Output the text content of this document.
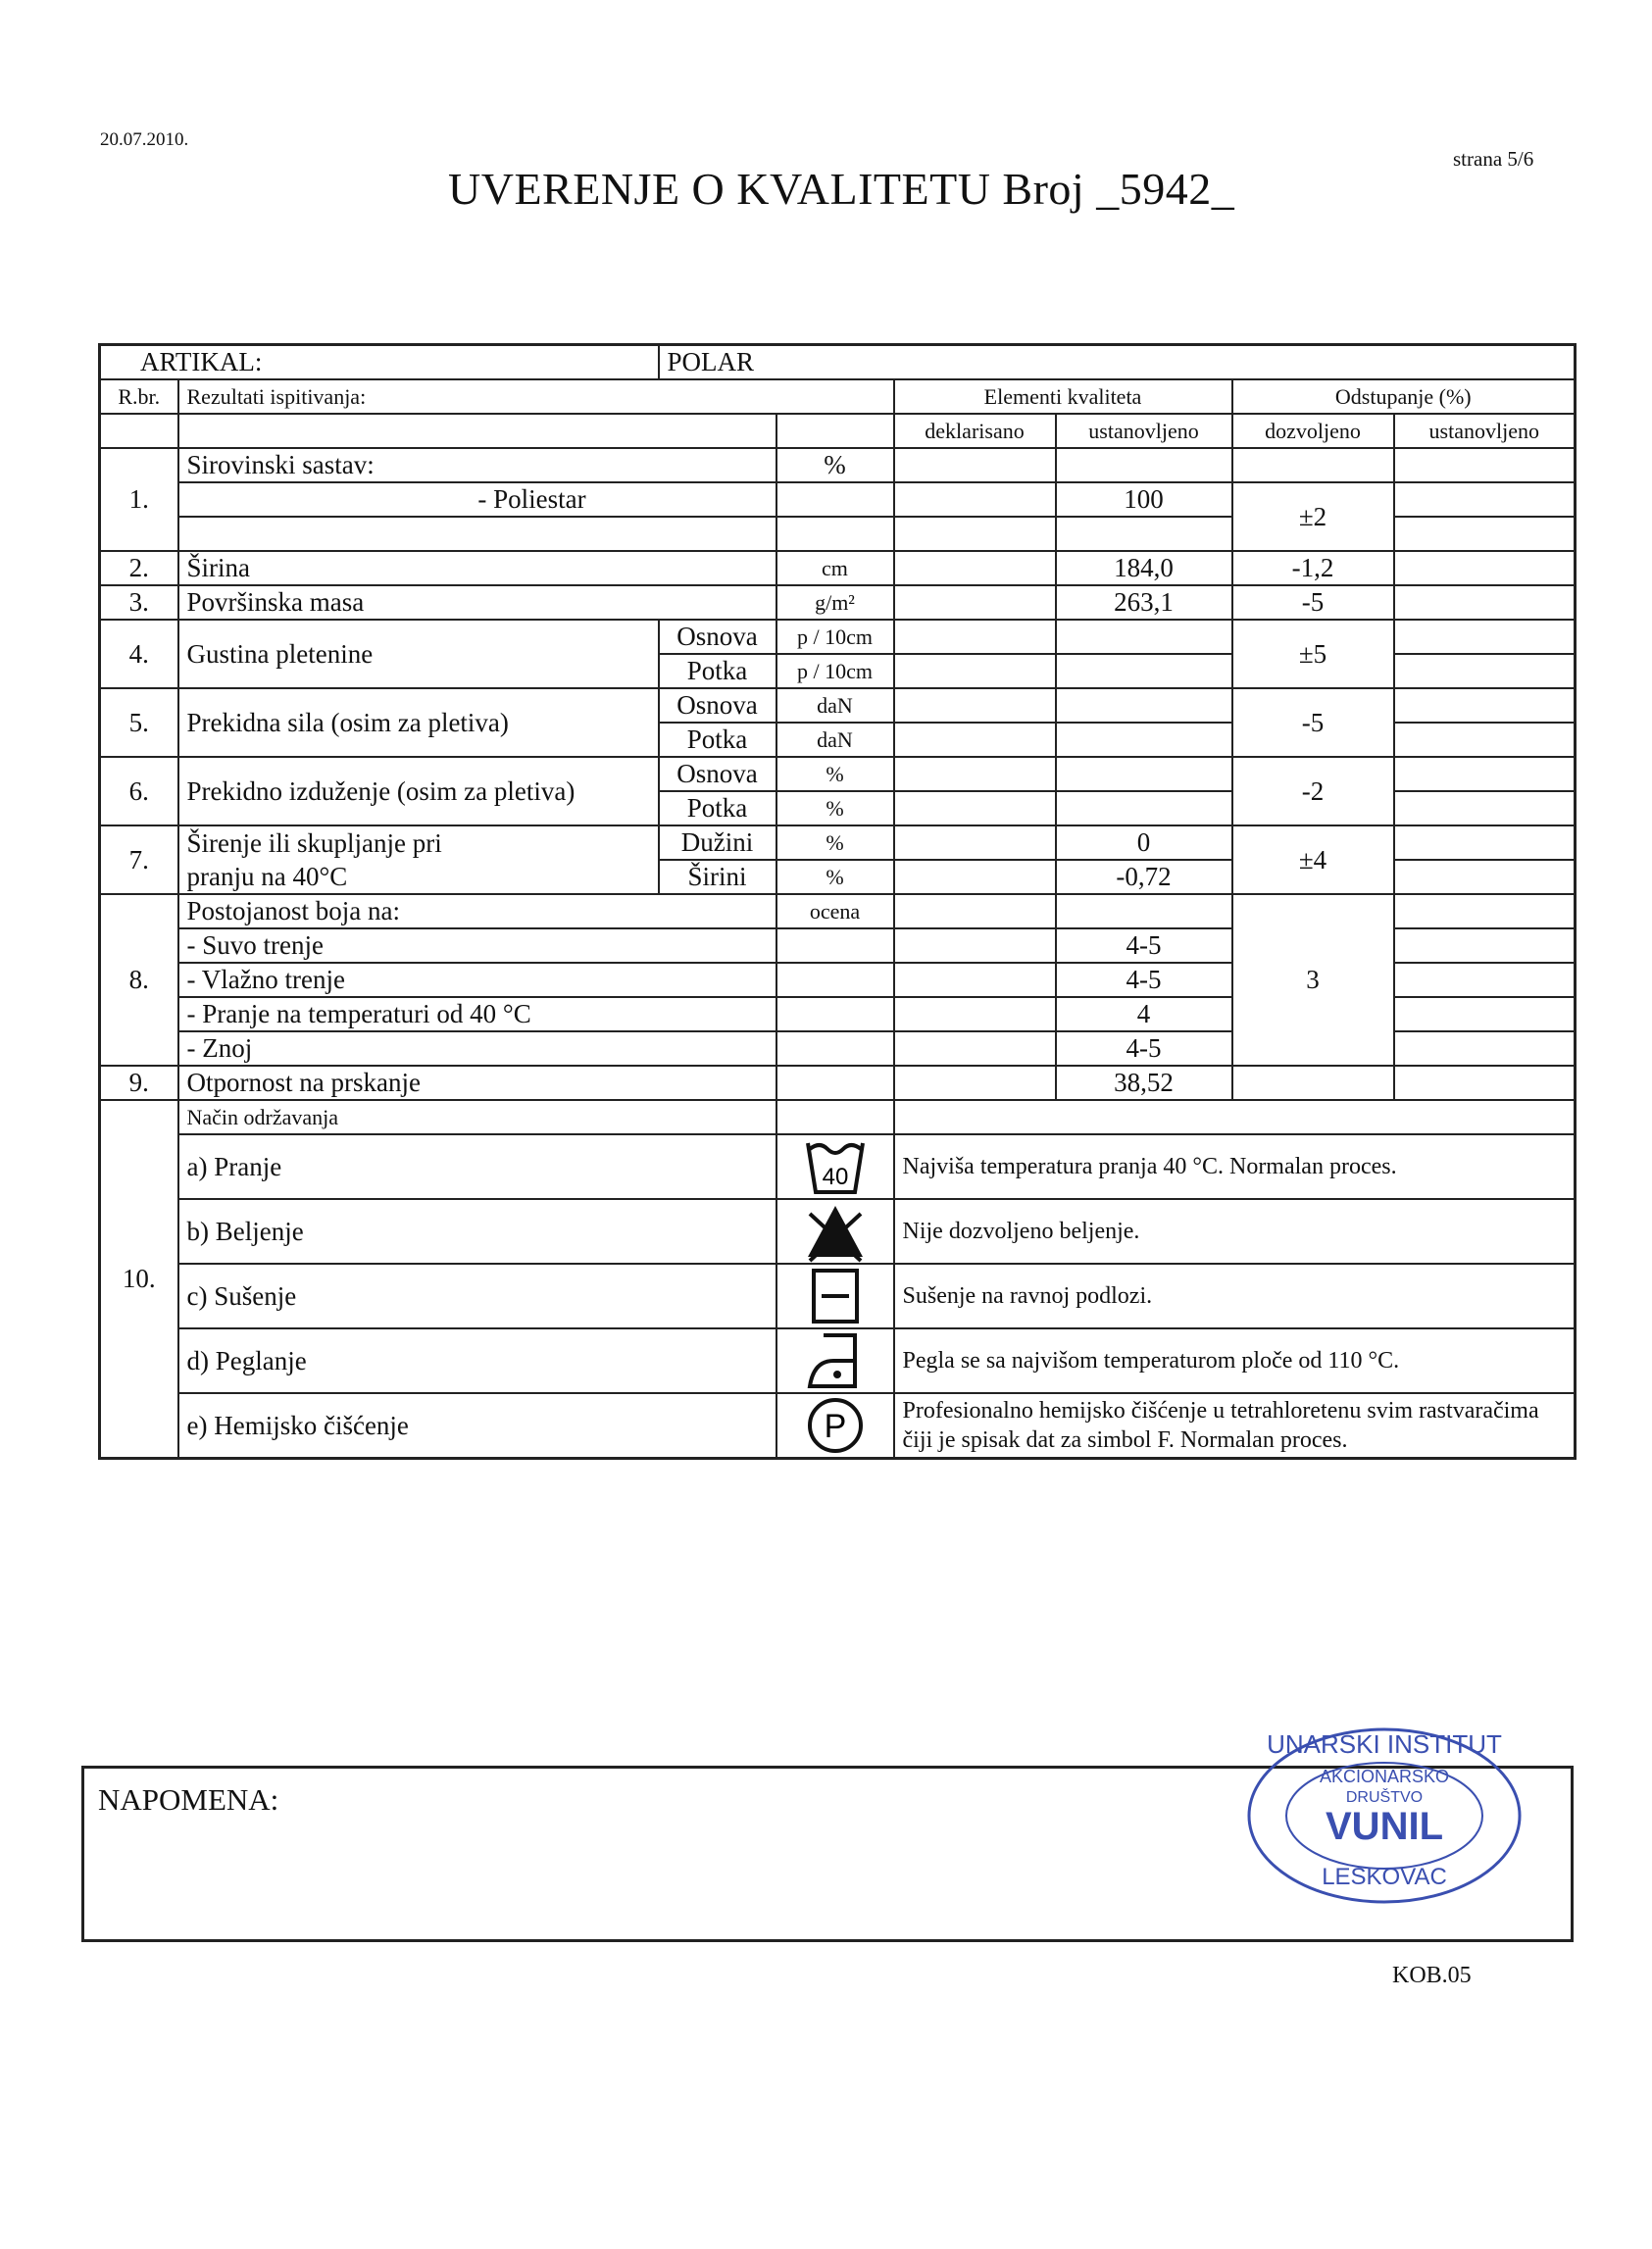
20.07.2010.
UVERENJE O KVALITETU Broj _5942_
strana 5/6
ARTIKAL:		POLAR					
R.br.	Rezultati ispitivanja:			Elementi kvaliteta		Odstupanje (%)	
				deklarisano	ustanovljeno	dozvoljeno	ustanovljeno
1.	Sirovinski sastav:		%				
	- Poliestar				100	±2	

2.	Širina		cm		184,0	-1,2	
3.	Površinska masa		g/m²		263,1	-5	
4.	Gustina pletenine	Osnova	p / 10cm			±5	
		Potka	p / 10cm				
5.	Prekidna sila (osim za pletiva)	Osnova	daN			-5	
		Potka	daN				
6.	Prekidno izduženje (osim za pletiva)	Osnova	%			-2	
		Potka	%				
7.	Širenje ili skupljanje pri	Dužini	%		0	±4	
	pranju na 40°C	Širini	%		-0,72		
8.	Postojanost boja na:		ocena			3	
	- Suvo trenje				4-5		
	- Vlažno trenje				4-5		
	- Pranje na temperaturi od 40 °C				4		
	- Znoj				4-5		
9.	Otpornost na prskanje				38,52		
10.	Način održavanja						
	a) Pranje		40	Najviša temperatura pranja 40 °C. Normalan proces.			
	b) Beljenje			Nije dozvoljeno beljenje.			
	c) Sušenje			Sušenje na ravnoj podlozi.			
	d) Peglanje			Pegla se sa najvišom temperaturom ploče od 110 °C.			
	e) Hemijsko čišćenje		P	Profesionalno hemijsko čišćenje u tetrahloretenu svim rastvaračima čiji je spisak dat za simbol F. Normalan proces.			
NAPOMENA:
UNARSKI INSTITUT
AKCIONARSKO
DRUŠTVO
VUNIL
LESKOVAC
KOB.05
